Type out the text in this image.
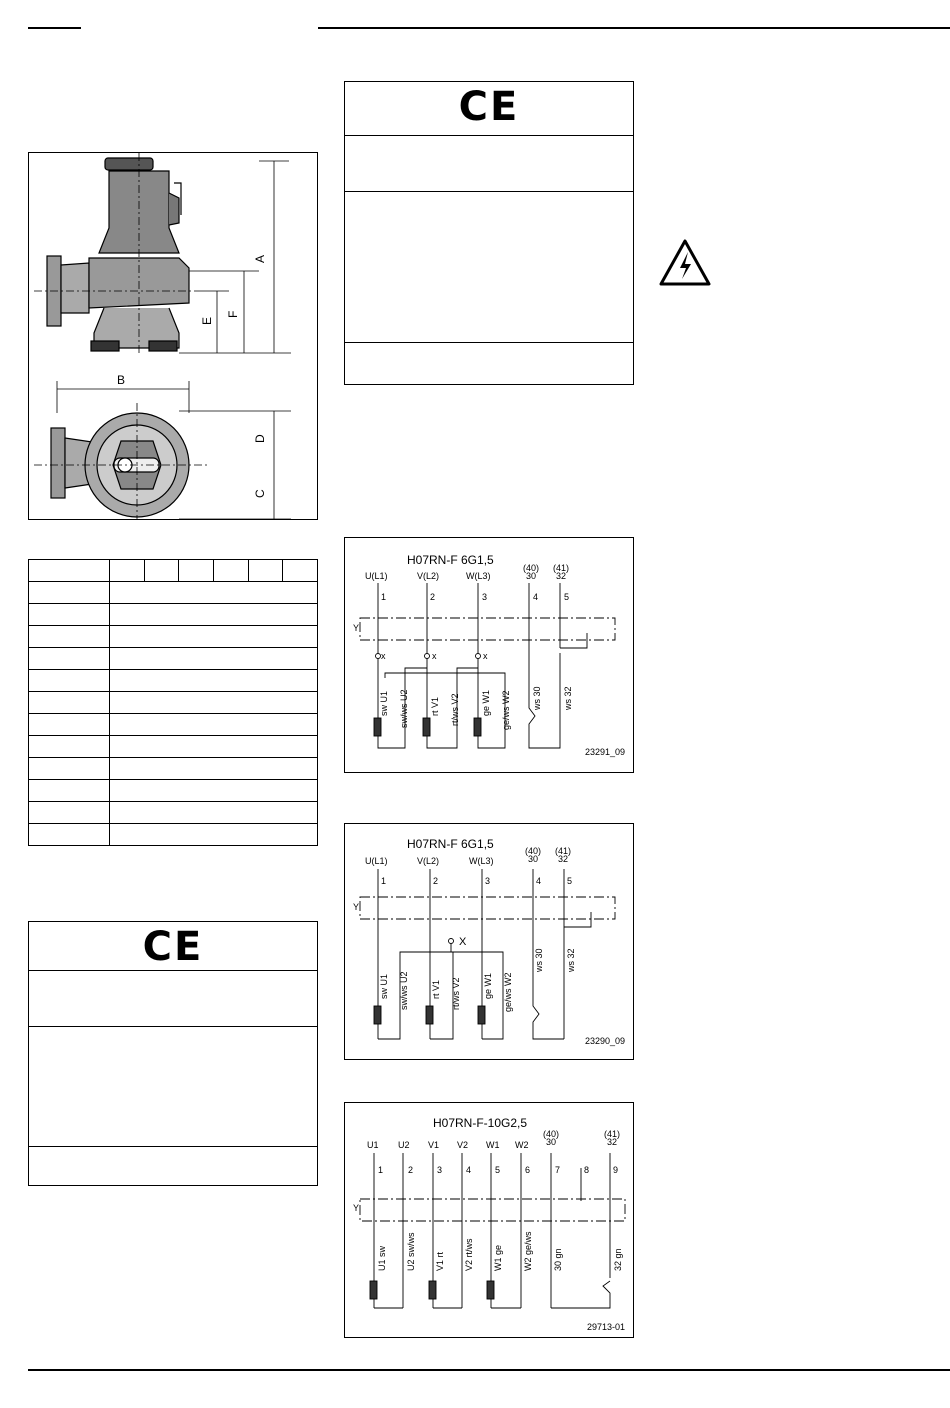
A
F
E
B
D
C

CE
CE
H07RN-F 6G1,5
U(L1)	V(L2)	W(L3)
(40)
30
(41)
32
1	2	3	4	5
Y
x	x	x
23291_09
sw U1 sw/ws U2 rt V1 rt/ws V2 ge W1 ge/ws W2 ws 30 ws 32
H07RN-F 6G1,5
U(L1)	V(L2)	W(L3)
(40)
30
(41)
32
1	2	3	4	5
Y
X
23290_09
sw U1 sw/ws U2 rt V1 rt/ws V2 ge W1 ge/ws W2
ws 30 ws 32
H07RN-F-10G2,5
U1 U2 V1 V2 W1 W2
(40)
30
(41)
32
1	2	3	4	5	6	7	8	9
Y
29713-01
U1 sw U2 sw/ws V1 rt V2 rt/ws W1 ge W2 ge/ws 30 gn	32 gn
